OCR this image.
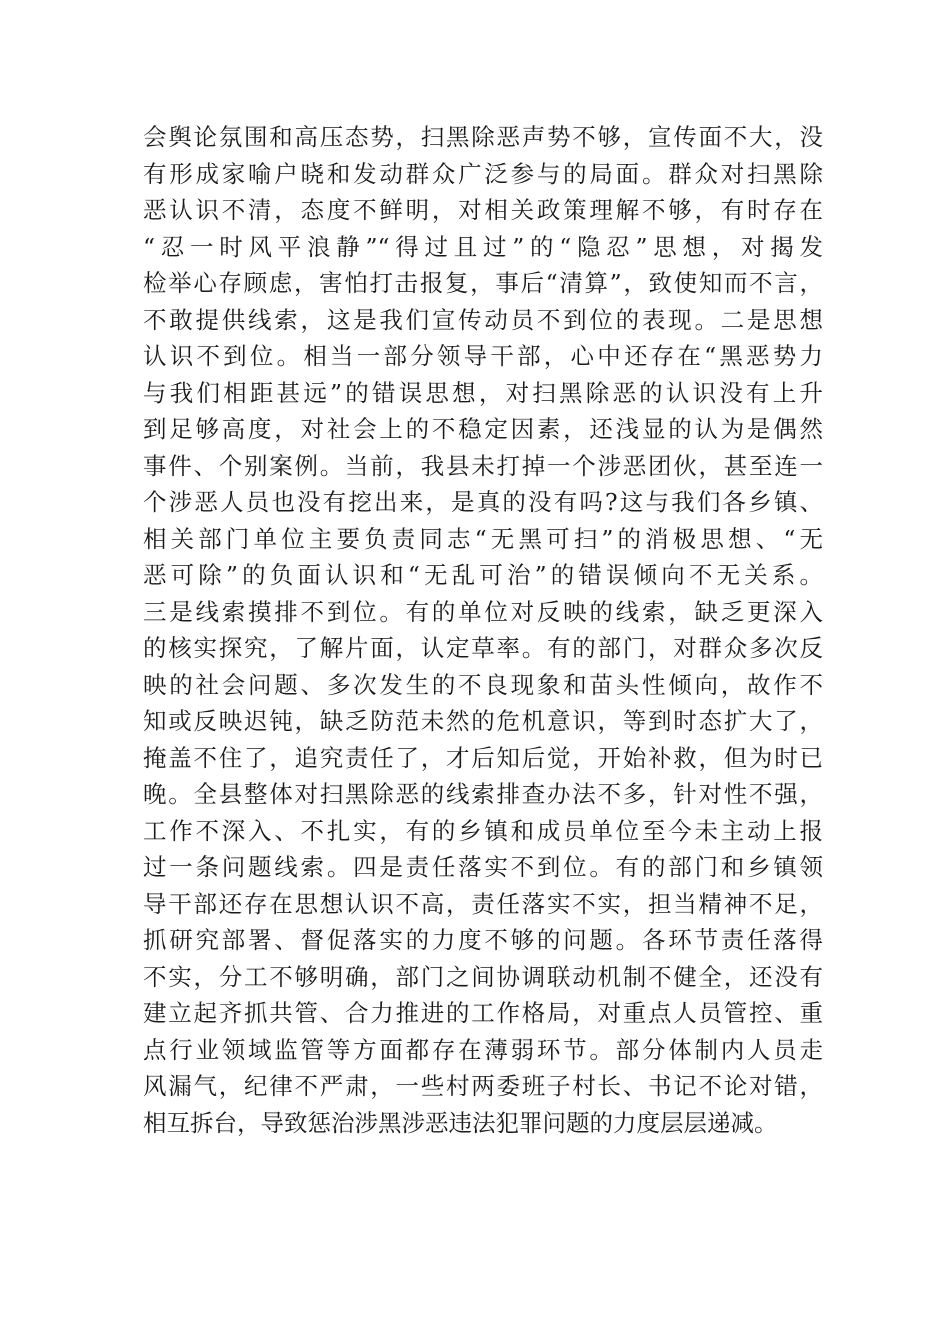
会舆论氛围和高压态势，扫黑除恶声势不够，宣传面不大，没
有形成家喻户晓和发动群众广泛参与的局面。群众对扫黑除
恶认识不清，态度不鲜明，对相关政策理解不够，有时存在
“忍一时风平浪静”“得过且过”的“隐忍”思想，对揭发
检举心存顾虑，害怕打击报复，事后“清算”，致使知而不言，
不敢提供线索，这是我们宣传动员不到位的表现。二是思想
认识不到位。相当一部分领导干部，心中还存在“黑恶势力
与我们相距甚远”的错误思想，对扫黑除恶的认识没有上升
到足够高度，对社会上的不稳定因素，还浅显的认为是偶然
事件、个别案例。当前，我县未打掉一个涉恶团伙，甚至连一
个涉恶人员也没有挖出来，是真的没有吗?这与我们各乡镇、
相关部门单位主要负责同志“无黑可扫”的消极思想、“无
恶可除”的负面认识和“无乱可治”的错误倾向不无关系。
三是线索摸排不到位。有的单位对反映的线索，缺乏更深入
的核实探究，了解片面，认定草率。有的部门，对群众多次反
映的社会问题、多次发生的不良现象和苗头性倾向，故作不
知或反映迟钝，缺乏防范未然的危机意识，等到时态扩大了，
掩盖不住了，追究责任了，才后知后觉，开始补救，但为时已
晚。全县整体对扫黑除恶的线索排查办法不多，针对性不强，
工作不深入、不扎实，有的乡镇和成员单位至今未主动上报
过一条问题线索。四是责任落实不到位。有的部门和乡镇领
导干部还存在思想认识不高，责任落实不实，担当精神不足，
抓研究部署、督促落实的力度不够的问题。各环节责任落得
不实，分工不够明确，部门之间协调联动机制不健全，还没有
建立起齐抓共管、合力推进的工作格局，对重点人员管控、重
点行业领域监管等方面都存在薄弱环节。部分体制内人员走
风漏气，纪律不严肃，一些村两委班子村长、书记不论对错，
相互拆台，导致惩治涉黑涉恶违法犯罪问题的力度层层递减。
